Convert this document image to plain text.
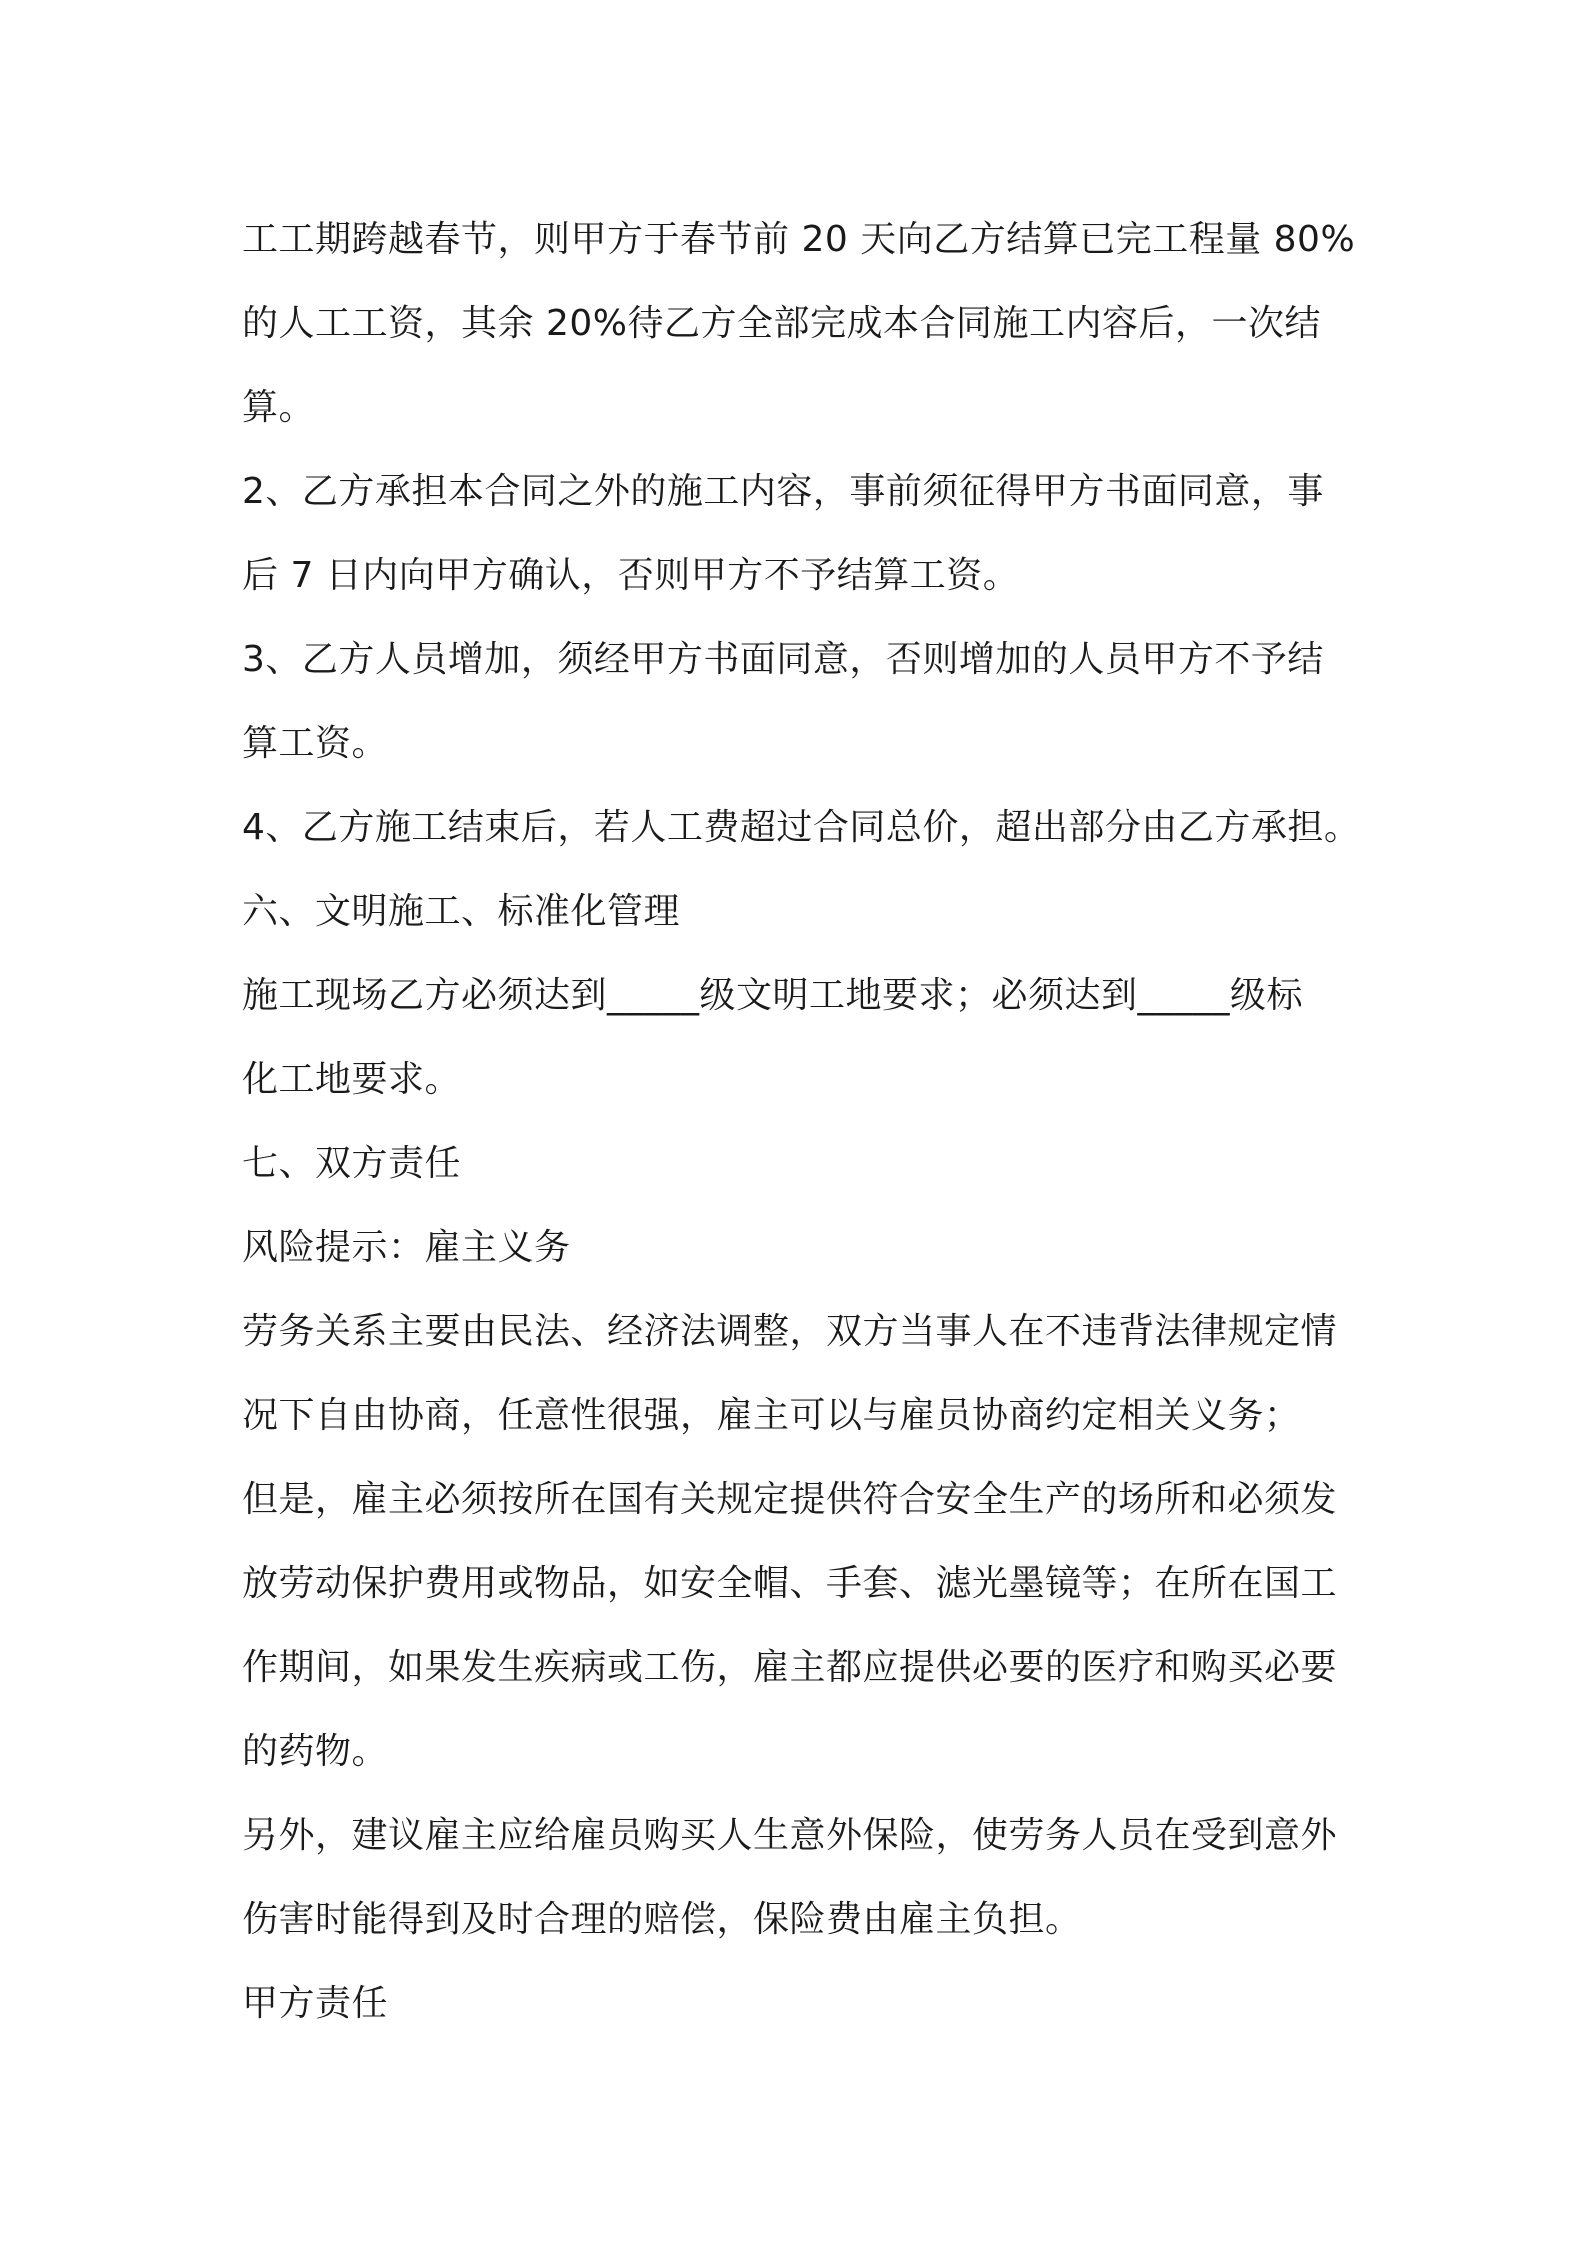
工工期跨越春节，则甲方于春节前 20 天向乙方结算已完工程量 80%
的人工工资，其余 20%待乙方全部完成本合同施工内容后，一次结
算。
2、乙方承担本合同之外的施工内容，事前须征得甲方书面同意，事
后 7 日内向甲方确认，否则甲方不予结算工资。
3、乙方人员增加，须经甲方书面同意，否则增加的人员甲方不予结
算工资。
4、乙方施工结束后，若人工费超过合同总价，超出部分由乙方承担。
六、文明施工、标准化管理
施工现场乙方必须达到_____级文明工地要求；必须达到_____级标
化工地要求。
七、双方责任
风险提示：雇主义务
劳务关系主要由民法、经济法调整，双方当事人在不违背法律规定情
况下自由协商，任意性很强，雇主可以与雇员协商约定相关义务；
但是，雇主必须按所在国有关规定提供符合安全生产的场所和必须发
放劳动保护费用或物品，如安全帽、手套、滤光墨镜等；在所在国工
作期间，如果发生疾病或工伤，雇主都应提供必要的医疗和购买必要
的药物。
另外，建议雇主应给雇员购买人生意外保险，使劳务人员在受到意外
伤害时能得到及时合理的赔偿，保险费由雇主负担。
甲方责任
